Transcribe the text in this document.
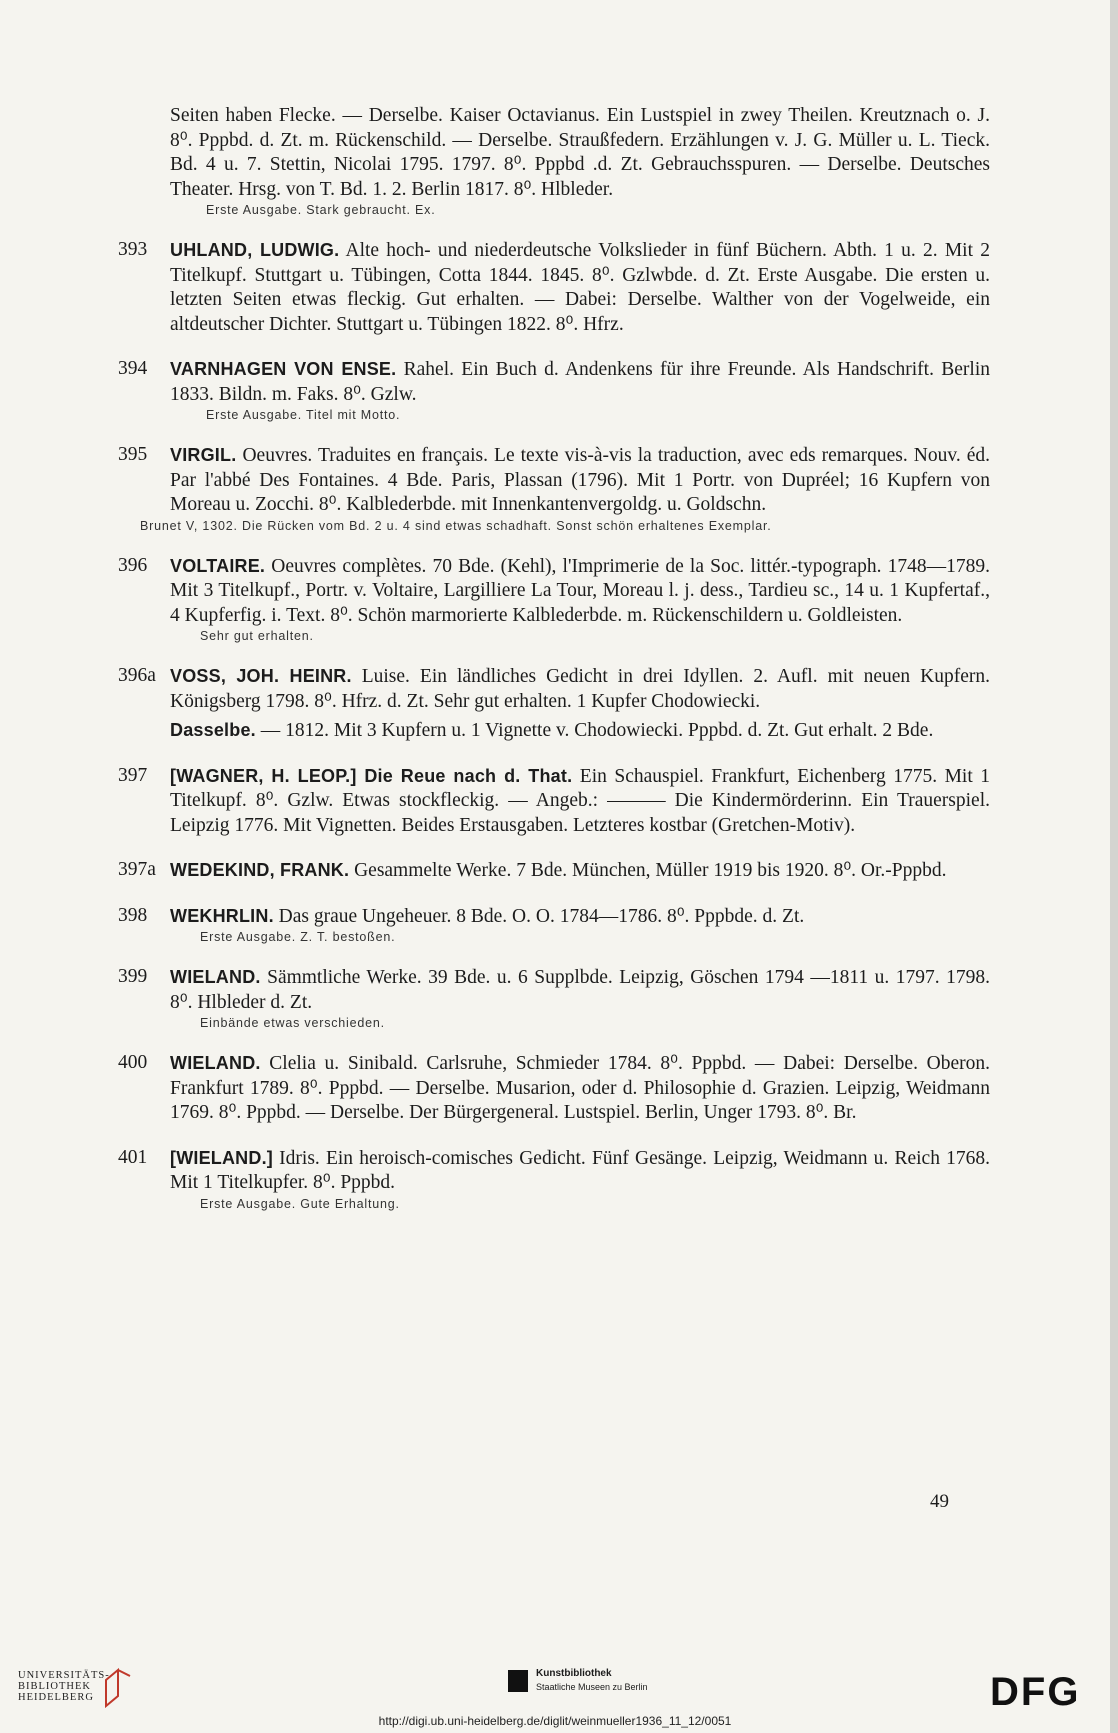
Seiten haben Flecke. — Derselbe. Kaiser Octavianus. Ein Lustspiel in zwey Theilen. Kreutznach o. J. 8⁰. Pppbd. d. Zt. m. Rückenschild. — Derselbe. Straußfedern. Erzählungen v. J. G. Müller u. L. Tieck. Bd. 4 u. 7. Stettin, Nicolai 1795. 1797. 8⁰. Pppbd .d. Zt. Gebrauchsspuren. — Derselbe. Deutsches Theater. Hrsg. von T. Bd. 1. 2. Berlin 1817. 8⁰. Hlbleder.
Erste Ausgabe. Stark gebraucht. Ex.
393	UHLAND, LUDWIG. Alte hoch- und niederdeutsche Volkslieder in fünf Büchern. Abth. 1 u. 2. Mit 2 Titelkupf. Stuttgart u. Tübingen, Cotta 1844. 1845. 8⁰. Gzlwbde. d. Zt. Erste Ausgabe. Die ersten u. letzten Seiten etwas fleckig. Gut erhalten. — Dabei: Derselbe. Walther von der Vogelweide, ein altdeutscher Dichter. Stuttgart u. Tübingen 1822. 8⁰. Hfrz.
394	VARNHAGEN VON ENSE. Rahel. Ein Buch d. Andenkens für ihre Freunde. Als Handschrift. Berlin 1833. Bildn. m. Faks. 8⁰. Gzlw.
Erste Ausgabe. Titel mit Motto.
395	VIRGIL. Oeuvres. Traduites en français. Le texte vis-à-vis la traduction, avec eds remarques. Nouv. éd. Par l'abbé Des Fontaines. 4 Bde. Paris, Plassan (1796). Mit 1 Portr. von Dupréel; 16 Kupfern von Moreau u. Zocchi. 8⁰. Kalblederbde. mit Innenkantenvergoldg. u. Goldschn.
Brunet V, 1302. Die Rücken vom Bd. 2 u. 4 sind etwas schadhaft. Sonst schön erhaltenes Exemplar.
396	VOLTAIRE. Oeuvres complètes. 70 Bde. (Kehl), l'Imprimerie de la Soc. littér.-typograph. 1748—1789. Mit 3 Titelkupf., Portr. v. Voltaire, Largilliere La Tour, Moreau l. j. dess., Tardieu sc., 14 u. 1 Kupfertaf., 4 Kupferfig. i. Text. 8⁰. Schön marmorierte Kalblederbde. m. Rückenschildern u. Goldleisten.
Sehr gut erhalten.
396a VOSS, JOH. HEINR. Luise. Ein ländliches Gedicht in drei Idyllen. 2. Aufl. mit neuen Kupfern. Königsberg 1798. 8⁰. Hfrz. d. Zt. Sehr gut erhalten. 1 Kupfer Chodowiecki.
Dasselbe. — 1812. Mit 3 Kupfern u. 1 Vignette v. Chodowiecki. Pppbd. d. Zt. Gut erhalt. 2 Bde.
397	[WAGNER, H. LEOP.] Die Reue nach d. That. Ein Schauspiel. Frankfurt, Eichenberg 1775. Mit 1 Titelkupf. 8⁰. Gzlw. Etwas stockfleckig. — Angeb.: ——— Die Kindermörderinn. Ein Trauerspiel. Leipzig 1776. Mit Vignetten. Beides Erstausgaben. Letzteres kostbar (Gretchen-Motiv).
397a WEDEKIND, FRANK. Gesammelte Werke. 7 Bde. München, Müller 1919 bis 1920. 8⁰. Or.-Pppbd.
398	WEKHRLIN. Das graue Ungeheuer. 8 Bde. O. O. 1784—1786. 8⁰. Pppbde. d. Zt.
Erste Ausgabe. Z. T. bestoßen.
399	WIELAND. Sämmtliche Werke. 39 Bde. u. 6 Supplbde. Leipzig, Göschen 1794 —1811 u. 1797. 1798. 8⁰. Hlbleder d. Zt.
Einbände etwas verschieden.
400	WIELAND. Clelia u. Sinibald. Carlsruhe, Schmieder 1784. 8⁰. Pppbd. — Dabei: Derselbe. Oberon. Frankfurt 1789. 8⁰. Pppbd. — Derselbe. Musarion, oder d. Philosophie d. Grazien. Leipzig, Weidmann 1769. 8⁰. Pppbd. — Derselbe. Der Bürgergeneral. Lustspiel. Berlin, Unger 1793. 8⁰. Br.
401	[WIELAND.] Idris. Ein heroisch-comisches Gedicht. Fünf Gesänge. Leipzig, Weidmann u. Reich 1768. Mit 1 Titelkupfer. 8⁰. Pppbd.
Erste Ausgabe. Gute Erhaltung.
49
UNIVERSITÄTS-
BIBLIOTHEK
HEIDELBERG
Kunstbibliothek
Staatliche Museen zu Berlin	DFG
http://digi.ub.uni-heidelberg.de/diglit/weinmueller1936_11_12/0051
